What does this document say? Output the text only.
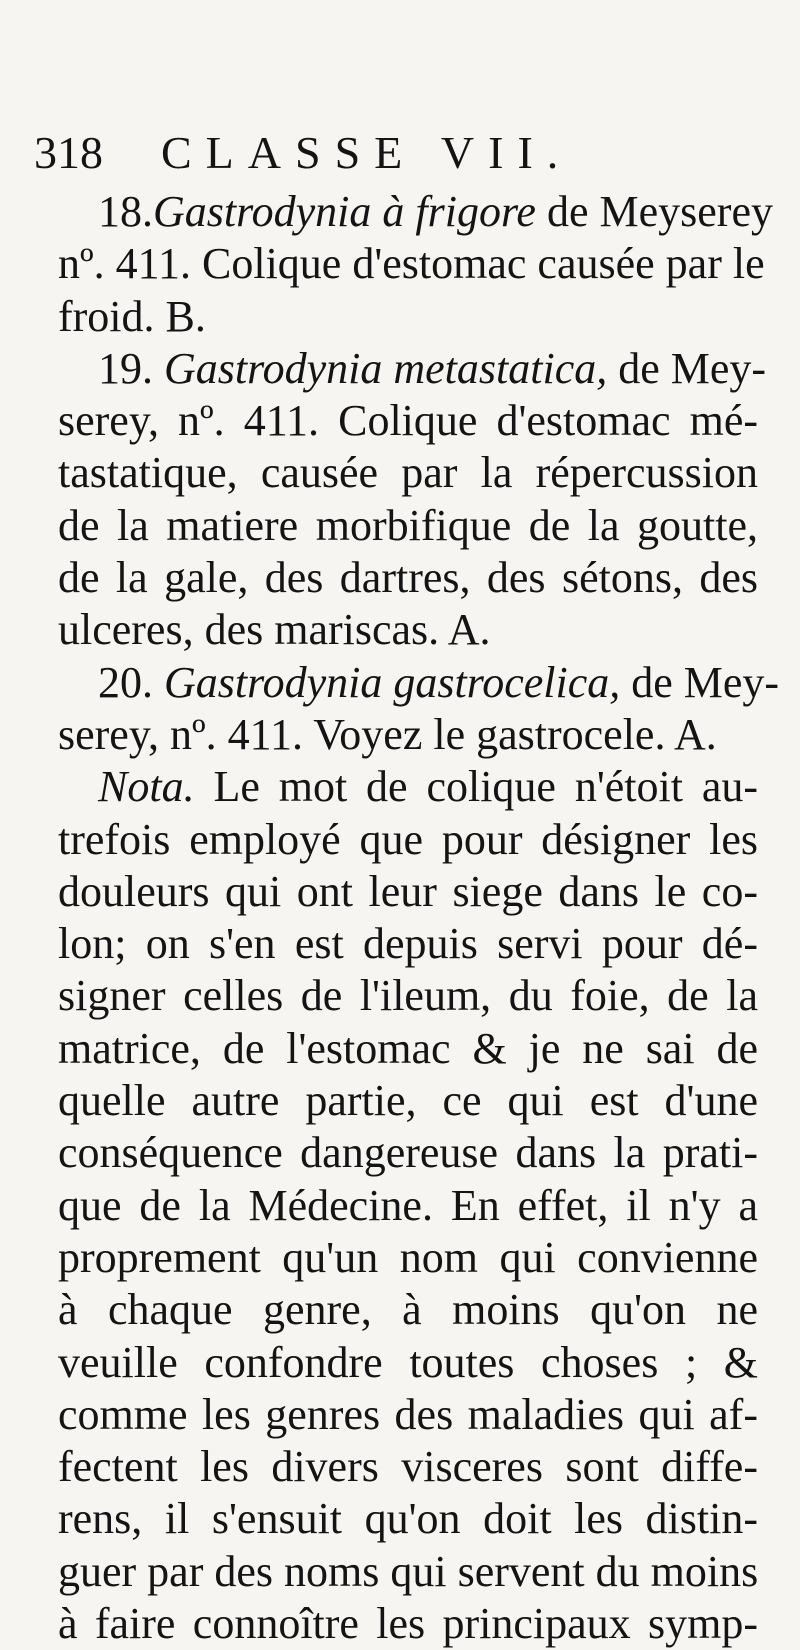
318 CLASSE VII.
18.Gastrodynia à frigore de Meyserey
nº. 411. Colique d'estomac causée par le
froid. B.
19. Gastrodynia metastatica, de Mey-
serey, nº. 411. Colique d'estomac mé-
tastatique, causée par la répercussion
de la matiere morbifique de la goutte,
de la gale, des dartres, des sétons, des
ulceres, des mariscas. A.
20. Gastrodynia gastrocelica, de Mey-
serey, nº. 411. Voyez le gastrocele. A.
Nota. Le mot de colique n'étoit au-
trefois employé que pour désigner les
douleurs qui ont leur siege dans le co-
lon; on s'en est depuis servi pour dé-
signer celles de l'ileum, du foie, de la
matrice, de l'estomac & je ne sai de
quelle autre partie, ce qui est d'une
conséquence dangereuse dans la prati-
que de la Médecine. En effet, il n'y a
proprement qu'un nom qui convienne
à chaque genre, à moins qu'on ne
veuille confondre toutes choses ; &
comme les genres des maladies qui af-
fectent les divers visceres sont diffe-
rens, il s'ensuit qu'on doit les distin-
guer par des noms qui servent du moins
à faire connoître les principaux symp-
